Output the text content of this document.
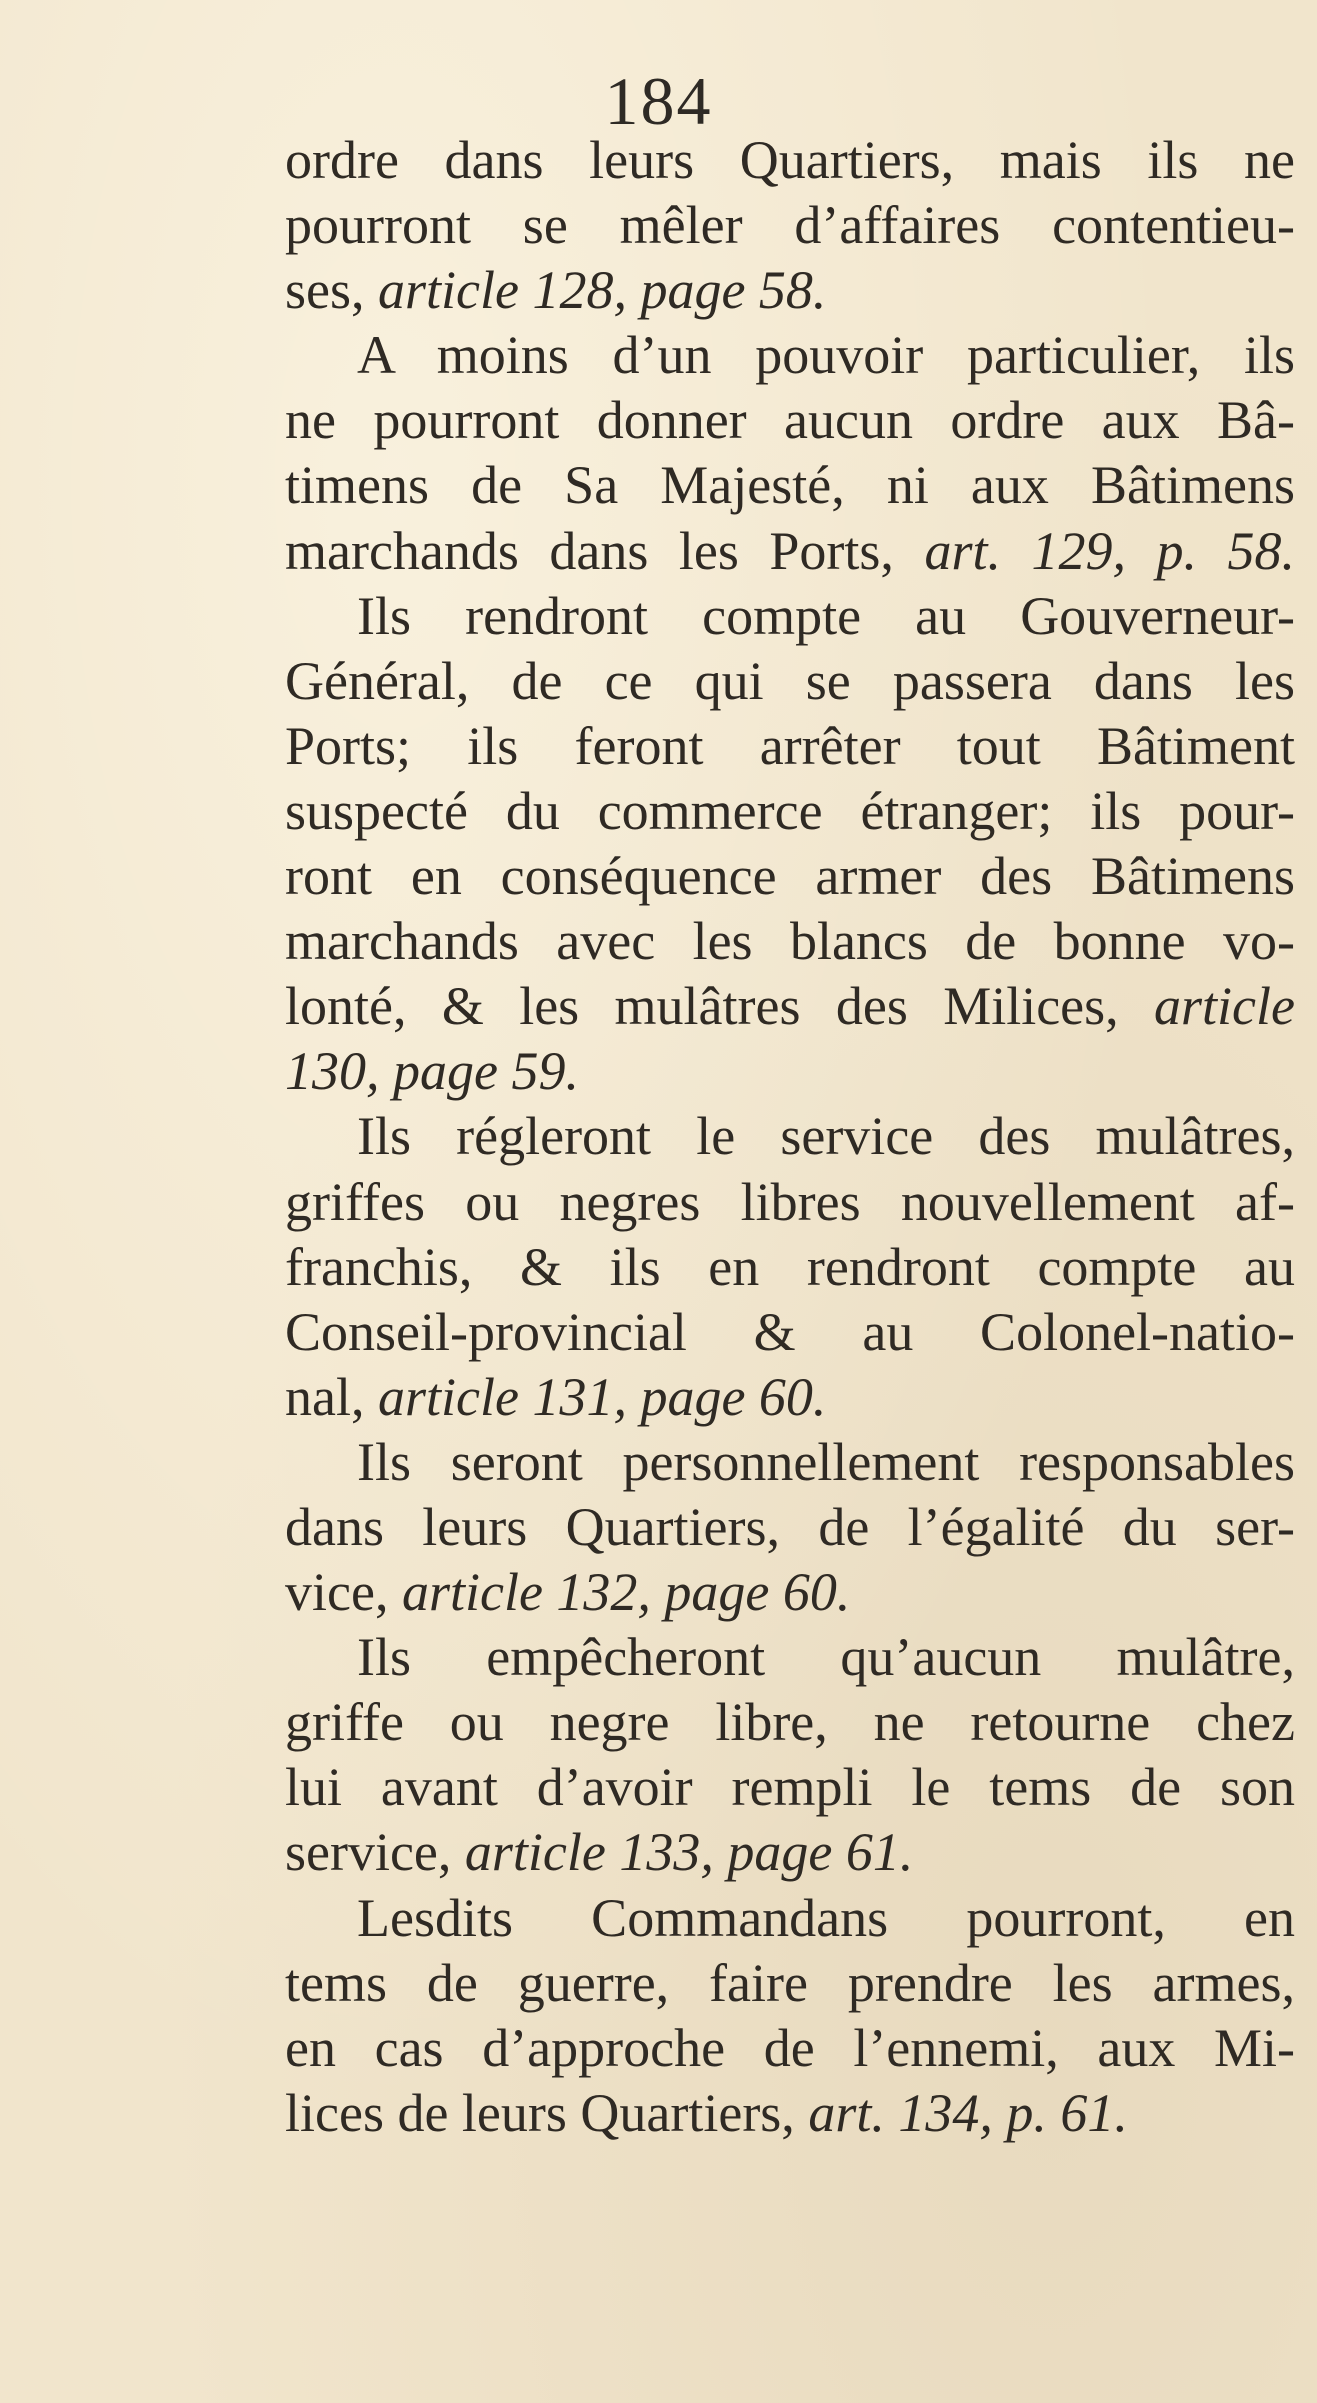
184
ordre dans leurs Quartiers, mais ils ne
pourront se mêler d’affaires contentieu-
ses, article 128, page 58.
A moins d’un pouvoir particulier, ils
ne pourront donner aucun ordre aux Bâ-
timens de Sa Majesté, ni aux Bâtimens
marchands dans les Ports, art. 129, p. 58.
Ils rendront compte au Gouverneur-
Général, de ce qui se passera dans les
Ports; ils feront arrêter tout Bâtiment
suspecté du commerce étranger; ils pour-
ront en conséquence armer des Bâtimens
marchands avec les blancs de bonne vo-
lonté, & les mulâtres des Milices, article
130, page 59.
Ils régleront le service des mulâtres,
griffes ou negres libres nouvellement af-
franchis, & ils en rendront compte au
Conseil-provincial & au Colonel-natio-
nal, article 131, page 60.
Ils seront personnellement responsables
dans leurs Quartiers, de l’égalité du ser-
vice, article 132, page 60.
Ils empêcheront qu’aucun mulâtre,
griffe ou negre libre, ne retourne chez
lui avant d’avoir rempli le tems de son
service, article 133, page 61.
Lesdits Commandans pourront, en
tems de guerre, faire prendre les armes,
en cas d’approche de l’ennemi, aux Mi-
lices de leurs Quartiers, art. 134, p. 61.
